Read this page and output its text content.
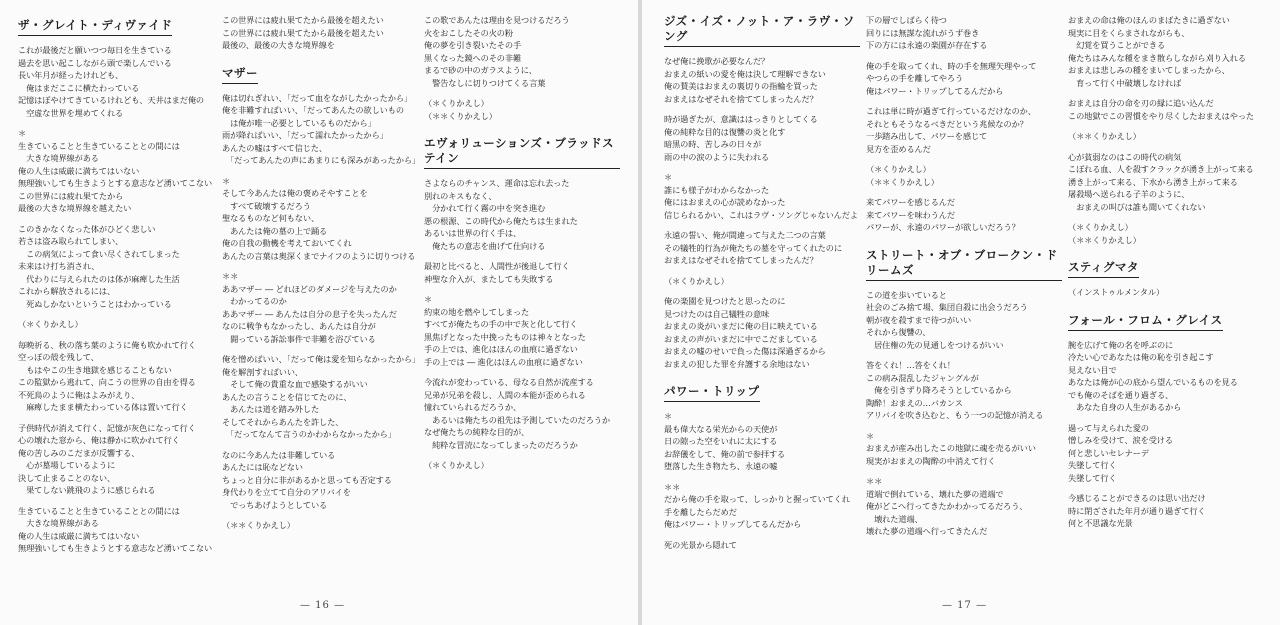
ザ・グレイト・ディヴァイド
これが最後だと願いつつ毎日を生きている
過去を思い起こしながら頭で楽しんでいる
長い年月が経ったけれども、
　俺はまだここに横たわっている
記憶はぼやけてきているけれども、天井はまだ俺の
　空虚な世界を埋めてくれる
＊
生きていることと生きていることとの間には
　大きな境界線がある
俺の人生は威厳に満ちてはいない
無理強いしても生きようとする意志など湧いてこない
この世界には疲れ果てたから
最後の大きな境界線を越えたい
このきかなくなった体がひどく悲しい
若さは盗み取られてしまい、
　この病気によって食い尽くされてしまった
未来はけ打ち消され、
　代わりに与えられたのは体が麻痺した生活
これから解放されるには、
　死ぬしかないということはわかっている
（＊くりかえし）
毎晩祈る、秋の落ち葉のように俺も吹かれて行く
空っぽの殻を残して、
　もはやこの生き地獄を感じることもない
この監獄から逃れて、向こうの世界の自由を得る
不死鳥のように俺はよみがえり、
　麻痺したまま横たわっている体は置いて行く
子供時代が消えて行く、記憶が灰色になって行く
心の壊れた窓から、俺は静かに吹かれて行く
俺の苦しみのこだまが反響する、
　心が墓場しているように
決して止まることのない、
　果てしない跳飛のように感じられる
生きていることと生きていることとの間には
　大きな境界線がある
俺の人生は威厳に満ちてはいない
無理強いしても生きようとする意志など湧いてこない
この世界には疲れ果てたから最後を超えたい
この世界には疲れ果てたから最後を超えたい
最後の、最後の大きな境界線を
マザー
俺は切れぎれい、「だって血をながしたかったから」
俺を非難すればいい、「だってあんたの欲しいもの
　は俺が唯一必要としているものだから」
雨が降ればいい、「だって濡れたかったから」
あんたの嘘はすべて信じた、
　「だってあんたの声にあまりにも深みがあったから」
＊
そして今あんたは俺の褒めそやすことを
　すべて破壊するだろう
聖なるものなど何もない、
　あんたは俺の墓の上で踊る
俺の自我の動機を考えておいてくれ
あんたの言葉は奥深くまでナイフのように切りつける
＊＊
ああマザー ― どれほどのダメージを与えたのか
　わかってるのか
ああマザー ― あんたは自分の息子を失ったんだ
なのに戦争もなかったし、あんたは自分が
　闘っている訴訟事件で非難を浴びている
俺を憎めばいい、「だって俺は愛を知らなかったから」
俺を解剖すればいい、
　そして俺の貴重な血で感染するがいい
あんたの言うことを信じてたのに、
　あんたは道を踏み外した
そしてそれからあんたを許した、
　「だってなんて言うのかわからなかったから」
なのに今あんたは非難している
あんたには恥などない
ちょっと自分に非があるかと思っても否定する
身代わりを立てて自分のアリバイを
　でっちあげようとしている
（＊＊くりかえし）
この歌であんたは理由を見つけるだろう
火をおこしたその火の粉
俺の夢を引き裂いたその手
黒くなった鏡へのその非難
まるで砂の中のガラスように、
　警告なしに切りつけてくる言葉
（＊くりかえし）
（＊＊くりかえし）
エヴォリューションズ・ブラッドステイン
さよならのチャンス、運命は忘れ去った
別れのキスもなく、
　分かれて行く霧の中を突き進む
悪の根源、この時代から俺たちは生まれた
あるいは世界の行く手は、
　俺たちの意志を曲げて仕向ける
最初と比べると、人間性が後退して行く
神聖な介入が、またしても失敗する
＊
約束の地を燃やしてしまった
すべてが俺たちの手の中で灰と化して行く
黒焦げとなった中挽ったものは神々となった
手の上では、進化はほんの血痕に過ぎない
手の上では ― 進化はほんの血痕に過ぎない
今流れが変わっている、母なる自然が流産する
兄弟が兄弟を殺し、人間の本能が歪められる
憧れていられるだろうか、
　あるいは俺たちの祖先は予測していたのだろうか
なぜ俺たちの純粋な目的が、
　純粋な冒涜になってしまったのだろうか
（＊くりかえし）
— 16 —
ジズ・イズ・ノット・ア・ラヴ・ソング
なぜ俺に挽歌が必要なんだ？
おまえの紙いの愛を俺は決して理解できない
俺の賛美はおまえの裏切りの指輪を買った
おまえはなぜそれを捨ててしまったんだ？
時が過ぎたが、意識ははっきりとしてくる
俺の純粋な目的は復讐の炎と化す
暗黒の時、苦しみの日々が
雨の中の涙のように失われる
＊
誰にも様子がわからなかった
俺にはおまえの心が読めなかった
信じられるかい、これはラヴ・ソングじゃないんだよ
永遠の誓い、俺が間違って与えた二つの言葉
その犠牲的行為が俺たちの墓を守ってくれたのに
おまえはなぜそれを捨ててしまったんだ？
（＊くりかえし）
俺の楽園を見つけたと思ったのに
見つけたのは自己犠牲の意味
おまえの炎がいまだに俺の目に映えている
おまえの声がいまだに中でこだましている
おまえの嘘のせいで負った傷は深過ぎるから
おまえの犯した罪を弁護する余地はない
パワー・トリップ
＊
最も偉大なる栄光からの天使が
日の隙った空をいれに太にする
お辞儀をして、俺の前で参拝する
堕落した生き物たち、永遠の嘘
＊＊
だから俺の手を取って、しっかりと握っていてくれ
手を離したらだめだ
俺はパワー・トリップしてるんだから
死の光景から隠れて
下の層でしばらく待つ
回りには無謀な流れがうず巻き
下の方には永遠の楽園が存在する
俺の手を取ってくれ、時の手を無理矢理やって
やつらの手を離してやろう
俺はパワー・トリップしてるんだから
これは単に時が過ぎて行っているだけなのか、
それともそうなるべきだという兆候なのか？
一歩踏み出して、パワーを感じて
見方を歪めるんだ
（＊くりかえし）
（＊＊くりかえし）
来てパワーを感じるんだ
来てパワーを味わうんだ
パワーが、永遠のパワーが欲しいだろう？
ストリート・オブ・ブロークン・ドリームズ
この道を歩いていると
社会のごみ捨て場、集団自殺に出会うだろう
朝が夜を殺すまで待つがいい
それから復讐の、
　居住権の先の見通しをつけるがいい
答をくれ！…答をくれ！
この病み混乱したジャングルが
　俺を引きずり降ろそうとしているから
陶酔！おまえの…バカンス
アリバイを吹き込むと、もう一つの記憶が消える
＊
おまえが産み出したこの地獄に魂を売るがいい
現実がおまえの陶酔の中消えて行く
＊＊
道端で倒れている、壊れた夢の道端で
俺がどこへ行ってきたかわかってるだろう、
　壊れた道端、
壊れた夢の道端へ行ってきたんだ
おまえの命は俺のほんのまばたきに過ぎない
現実に目をくらまされながらも、
　幻覚を買うことができる
俺たちはみんな種をまき散らしながら刈り入れる
おまえは悲しみの種をまいてしまったから、
　育って行く中破壊しなければ
おまえは自分の命を刃の縁に追い込んだ
この地獄でこの習慣をやり尽くしたおまえはやった
（＊＊くりかえし）
心が貧弱なのはこの時代の病気
こぼれる血、人を殺すクラックが湧き上がって来る
湧き上がって来る、下水から湧き上がって来る
屠殺場へ送られる子羊のように、
　おまえの叫びは誰も聞いてくれない
（＊くりかえし）
（＊＊くりかえし）
スティグマタ
（インストゥルメンタル）
フォール・フロム・グレイス
腕を広げて俺の名を呼ぶのに
冷たい心であなたは俺の恥を引き起こす
見えない目で
あなたは俺が心の底から望んでいるものを見る
でも俺のそばを通り過ぎる、
　あなた自身の人生があるから
過って与えられた愛の
憎しみを受けて、涙を受ける
何と悲しいセレナーデ
失墜して行く
失墜して行く
今感じることができるのは思い出だけ
時に閉ざされた年月が通り過ぎて行く
何と不思議な光景
— 17 —
